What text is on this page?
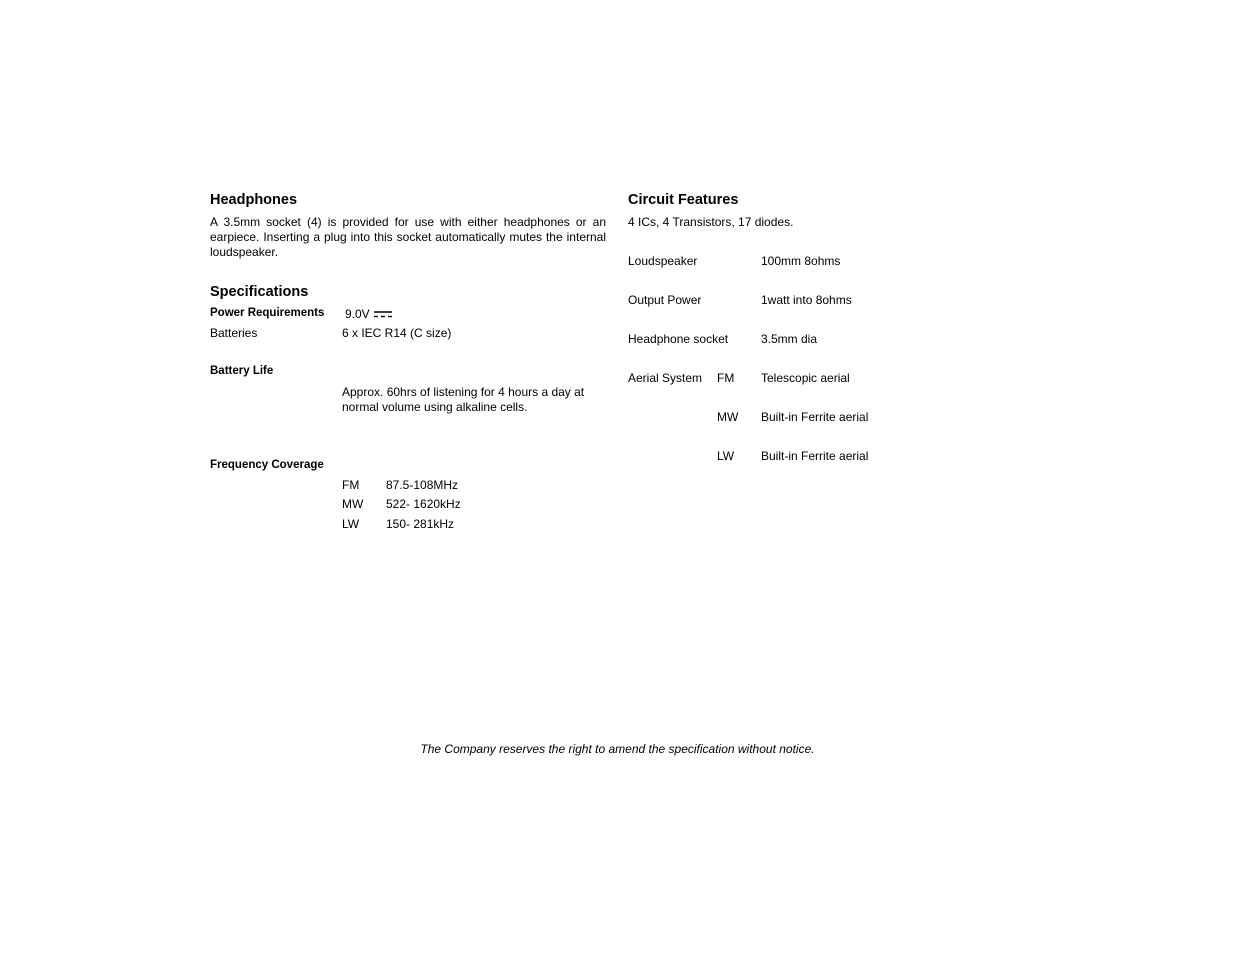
Headphones
A 3.5mm socket (4) is provided for use with either headphones or an earpiece. Inserting a plug into this socket automatically mutes the internal loudspeaker.
Specifications
Power Requirements 9.0V
Batteries	6 x IEC R14 (C size)
Battery Life
Approx. 60hrs of listening for 4 hours a day at
normal volume using alkaline cells.
Frequency Coverage
FM 87.5-108MHz
MW 522- 1620kHz
LW 150- 281kHz
Circuit Features
4 ICs, 4 Transistors, 17 diodes.
Loudspeaker	100mm 8ohms
Output Power	1watt into 8ohms
Headphone socket	3.5mm dia
Aerial System FM Telescopic aerial
MW Built-in Ferrite aerial
LW Built-in Ferrite aerial
The Company reserves the right to amend the specification without notice.
